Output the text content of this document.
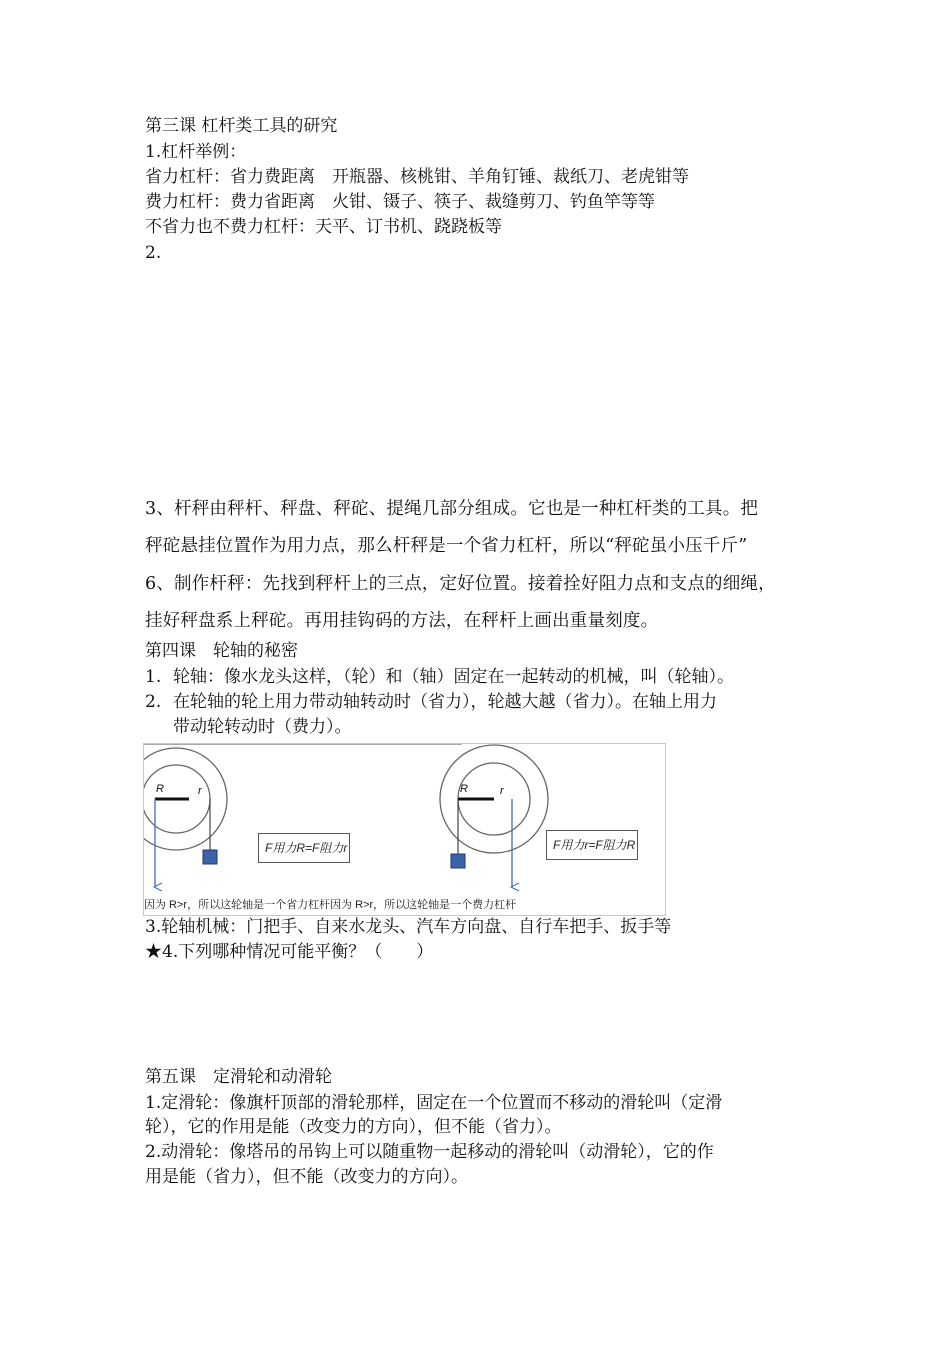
第三课 杠杆类工具的研究
1.杠杆举例：
省力杠杆：省力费距离　开瓶器、核桃钳、羊角钉锤、裁纸刀、老虎钳等
费力杠杆：费力省距离　火钳、镊子、筷子、裁缝剪刀、钓鱼竿等等
不省力也不费力杠杆：天平、订书机、跷跷板等
2.
3、杆秤由秤杆、秤盘、秤砣、提绳几部分组成。它也是一种杠杆类的工具。把
秤砣悬挂位置作为用力点，那么杆秤是一个省力杠杆，所以“秤砣虽小压千斤”
6、制作杆秤：先找到秤杆上的三点，定好位置。接着拴好阻力点和支点的细绳，
挂好秤盘系上秤砣。再用挂钩码的方法，在秤杆上画出重量刻度。
第四课　轮轴的秘密
1. 轮轴：像水龙头这样，（轮）和（轴）固定在一起转动的机械，叫（轮轴）。
2. 在轮轴的轮上用力带动轴转动时（省力），轮越大越（省力）。在轴上用力
带动轮转动时（费力）。
R	r	R	r
F用力R=F阻力r	F用力r=F阻力R
因为 R>r，所以这轮轴是一个省力杠杆因为 R>r，所以这轮轴是一个费力杠杆
3.轮轴机械：门把手、自来水龙头、汽车方向盘、自行车把手、扳手等
★4.下列哪种情况可能平衡？（　　）
第五课　定滑轮和动滑轮
1.定滑轮：像旗杆顶部的滑轮那样，固定在一个位置而不移动的滑轮叫（定滑
轮），它的作用是能（改变力的方向），但不能（省力）。
2.动滑轮：像塔吊的吊钩上可以随重物一起移动的滑轮叫（动滑轮），它的作
用是能（省力），但不能（改变力的方向）。
